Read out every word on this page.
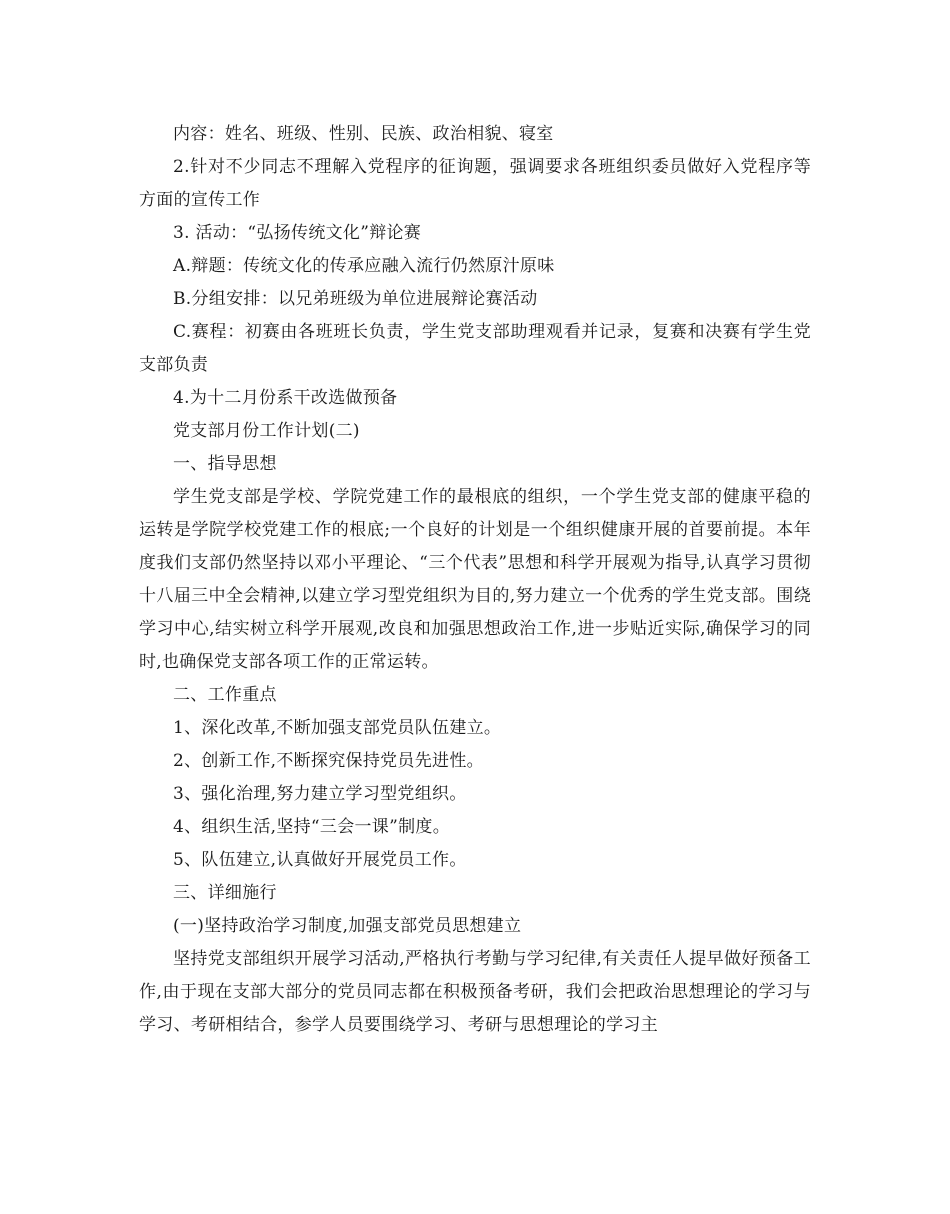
内容：姓名、班级、性别、民族、政治相貌、寝室

2.针对不少同志不理解入党程序的征询题，强调要求各班组织委员做好入党程序等方面的宣传工作

3. 活动：“弘扬传统文化”辩论赛

A.辩题：传统文化的传承应融入流行仍然原汁原味

B.分组安排：以兄弟班级为单位进展辩论赛活动

C.赛程：初赛由各班班长负责，学生党支部助理观看并记录，复赛和决赛有学生党支部负责

4.为十二月份系干改选做预备

党支部月份工作计划(二)

一、指导思想

学生党支部是学校、学院党建工作的最根底的组织，一个学生党支部的健康平稳的运转是学院学校党建工作的根底;一个良好的计划是一个组织健康开展的首要前提。本年度我们支部仍然坚持以邓小平理论、“三个代表”思想和科学开展观为指导,认真学习贯彻十八届三中全会精神,以建立学习型党组织为目的,努力建立一个优秀的学生党支部。围绕学习中心,结实树立科学开展观,改良和加强思想政治工作,进一步贴近实际,确保学习的同时,也确保党支部各项工作的正常运转。

二、工作重点

1、深化改革,不断加强支部党员队伍建立。

2、创新工作,不断探究保持党员先进性。

3、强化治理,努力建立学习型党组织。

4、组织生活,坚持“三会一课”制度。

5、队伍建立,认真做好开展党员工作。

三、详细施行

(一)坚持政治学习制度,加强支部党员思想建立

坚持党支部组织开展学习活动,严格执行考勤与学习纪律,有关责任人提早做好预备工作,由于现在支部大部分的党员同志都在积极预备考研，我们会把政治思想理论的学习与学习、考研相结合，参学人员要围绕学习、考研与思想理论的学习主
